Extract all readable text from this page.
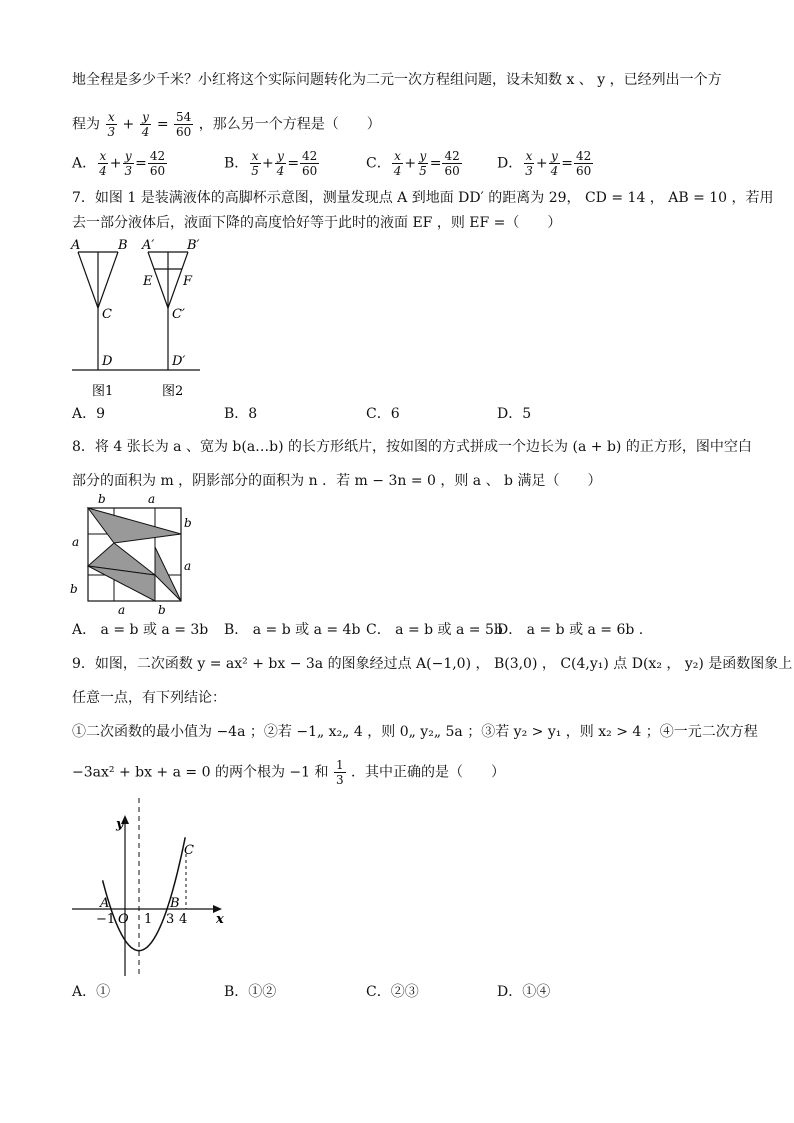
地全程是多少千米？小红将这个实际问题转化为二元一次方程组问题，设未知数 x 、 y ，已经列出一个方
程为 $\frac{x}{3} + \frac{y}{4} = \frac{54}{60}$ ，那么另一个方程是（　　）
A． $\frac{x}{4} + \frac{y}{3} = \frac{42}{60}$	B． $\frac{x}{5} + \frac{y}{4} = \frac{42}{60}$	C． $\frac{x}{4} + \frac{y}{5} = \frac{42}{60}$	D． $\frac{x}{3} + \frac{y}{4} = \frac{42}{60}$
7．如图 1 是装满液体的高脚杯示意图，测量发现点 A 到地面 DD′ 的距离为 29， CD = 14 ， AB = 10 ，若用
去一部分液体后，液面下降的高度恰好等于此时的液面 EF ，则 EF =（　　）
A	B
C
D
A′	B′
E F
C′
D′
图1	图2
A．9	B．8	C．6	D．5
8．将 4 张长为 a 、宽为 b(a…b) 的长方形纸片，按如图的方式拼成一个边长为 (a + b) 的正方形，图中空白
部分的面积为 m ，阴影部分的面积为 n ．若 m − 3n = 0 ，则 a 、 b 满足（　　）
b	a
a
b
b
a
a	b
A． a = b 或 a = 3b B． a = b 或 a = 4b C． a = b 或 a = 5b
D． a = b 或 a = 6b .
9．如图，二次函数 y = ax² + bx − 3a 的图象经过点 A(−1,0) ， B(3,0) ， C(4,y₁) 点 D(x₂ ， y₂) 是函数图象上
任意一点，有下列结论：
①二次函数的最小值为 −4a ；②若 −1„ x₂„ 4 ，则 0„ y₂„ 5a ；③若 y₂ > y₁ ，则 x₂ > 4 ；④一元二次方程
−3ax² + bx + a = 0 的两个根为 −1 和 $\frac{1}{3}$ ．其中正确的是（　　）
y
x
O
A	B
C
−1 1 3 4
A．①	B．①②	C．②③	D．①④
